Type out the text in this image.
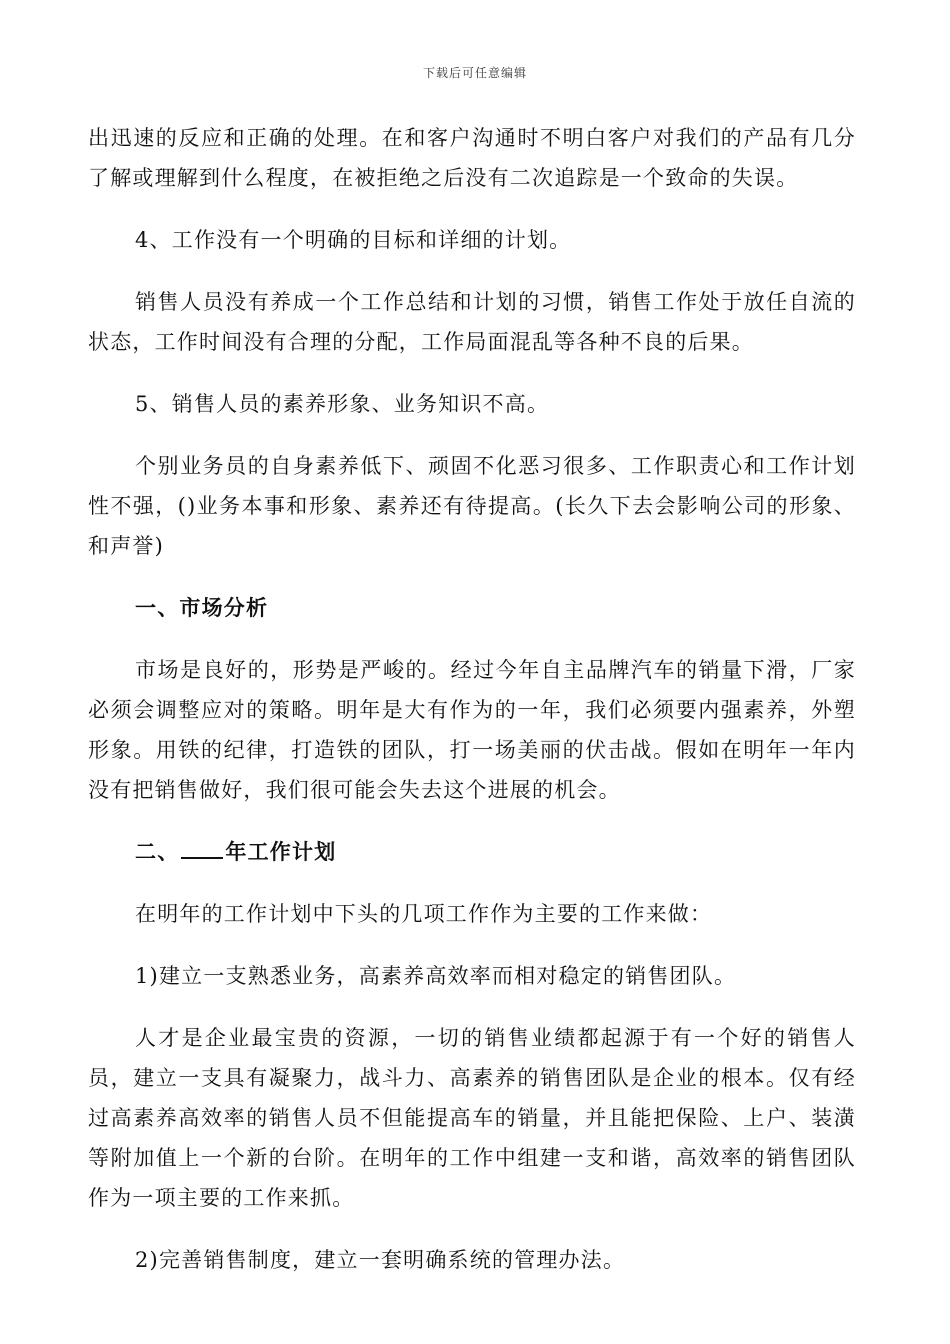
下载后可任意编辑

出迅速的反应和正确的处理。在和客户沟通时不明白客户对我们的产品有几分了解或理解到什么程度，在被拒绝之后没有二次追踪是一个致命的失误。

4、工作没有一个明确的目标和详细的计划。

销售人员没有养成一个工作总结和计划的习惯，销售工作处于放任自流的状态，工作时间没有合理的分配，工作局面混乱等各种不良的后果。

5、销售人员的素养形象、业务知识不高。

个别业务员的自身素养低下、顽固不化恶习很多、工作职责心和工作计划性不强，()业务本事和形象、素养还有待提高。(长久下去会影响公司的形象、和声誉)

一、市场分析

市场是良好的，形势是严峻的。经过今年自主品牌汽车的销量下滑，厂家必须会调整应对的策略。明年是大有作为的一年，我们必须要内强素养，外塑形象。用铁的纪律，打造铁的团队，打一场美丽的伏击战。假如在明年一年内没有把销售做好，我们很可能会失去这个进展的机会。

二、 年工作计划

在明年的工作计划中下头的几项工作作为主要的工作来做：

1)建立一支熟悉业务，高素养高效率而相对稳定的销售团队。

人才是企业最宝贵的资源，一切的销售业绩都起源于有一个好的销售人员，建立一支具有凝聚力，战斗力、高素养的销售团队是企业的根本。仅有经过高素养高效率的销售人员不但能提高车的销量，并且能把保险、上户、装潢等附加值上一个新的台阶。在明年的工作中组建一支和谐，高效率的销售团队作为一项主要的工作来抓。

2)完善销售制度，建立一套明确系统的管理办法。
